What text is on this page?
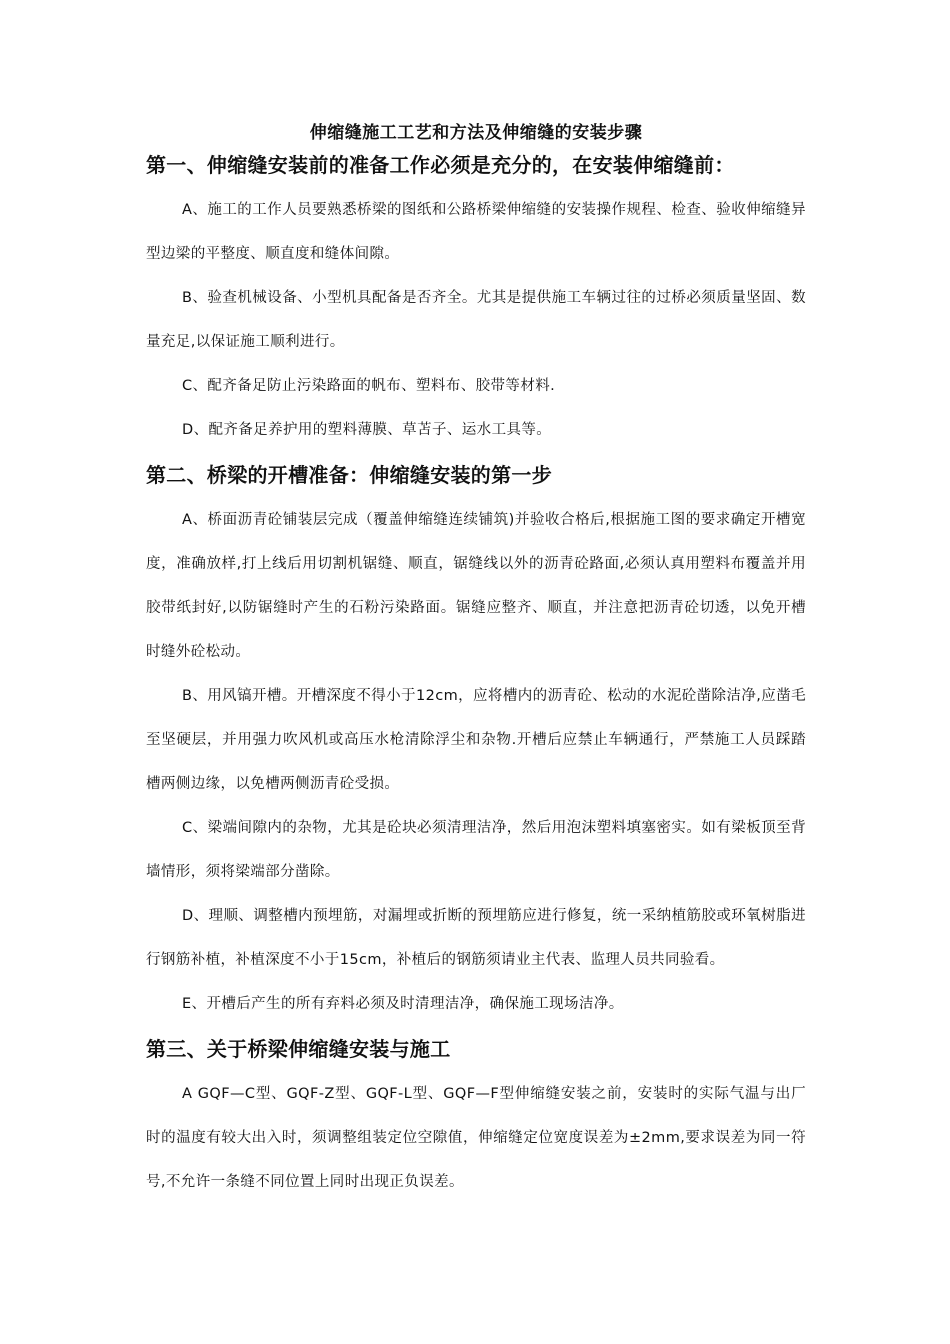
伸缩缝施工工艺和方法及伸缩缝的安装步骤
第一、伸缩缝安装前的准备工作必须是充分的，在安装伸缩缝前：

A、施工的工作人员要熟悉桥梁的图纸和公路桥梁伸缩缝的安装操作规程、检查、验收伸缩缝异型边梁的平整度、顺直度和缝体间隙。

B、验查机械设备、小型机具配备是否齐全。尤其是提供施工车辆过往的过桥必须质量坚固、数量充足,以保证施工顺利进行。

C、配齐备足防止污染路面的帆布、塑料布、胶带等材料.

D、配齐备足养护用的塑料薄膜、草苫子、运水工具等。

第二、桥梁的开槽准备：伸缩缝安装的第一步

A、桥面沥青砼铺装层完成（覆盖伸缩缝连续铺筑)并验收合格后,根据施工图的要求确定开槽宽度，准确放样,打上线后用切割机锯缝、顺直，锯缝线以外的沥青砼路面,必须认真用塑料布覆盖并用胶带纸封好,以防锯缝时产生的石粉污染路面。锯缝应整齐、顺直，并注意把沥青砼切透，以免开槽时缝外砼松动。

B、用风镐开槽。开槽深度不得小于12cm，应将槽内的沥青砼、松动的水泥砼凿除洁净,应凿毛至坚硬层，并用强力吹风机或高压水枪清除浮尘和杂物.开槽后应禁止车辆通行，严禁施工人员踩踏槽两侧边缘，以免槽两侧沥青砼受损。

C、梁端间隙内的杂物，尤其是砼块必须清理洁净，然后用泡沫塑料填塞密实。如有梁板顶至背墙情形，须将梁端部分凿除。

D、理顺、调整槽内预埋筋，对漏埋或折断的预埋筋应进行修复，统一采纳植筋胶或环氧树脂进行钢筋补植，补植深度不小于15cm，补植后的钢筋须请业主代表、监理人员共同验看。

E、开槽后产生的所有弃料必须及时清理洁净，确保施工现场洁净。

第三、关于桥梁伸缩缝安装与施工

A GQF—C型、GQF-Z型、GQF-L型、GQF—F型伸缩缝安装之前，安装时的实际气温与出厂时的温度有较大出入时，须调整组装定位空隙值，伸缩缝定位宽度误差为±2mm,要求误差为同一符号,不允许一条缝不同位置上同时出现正负误差。
